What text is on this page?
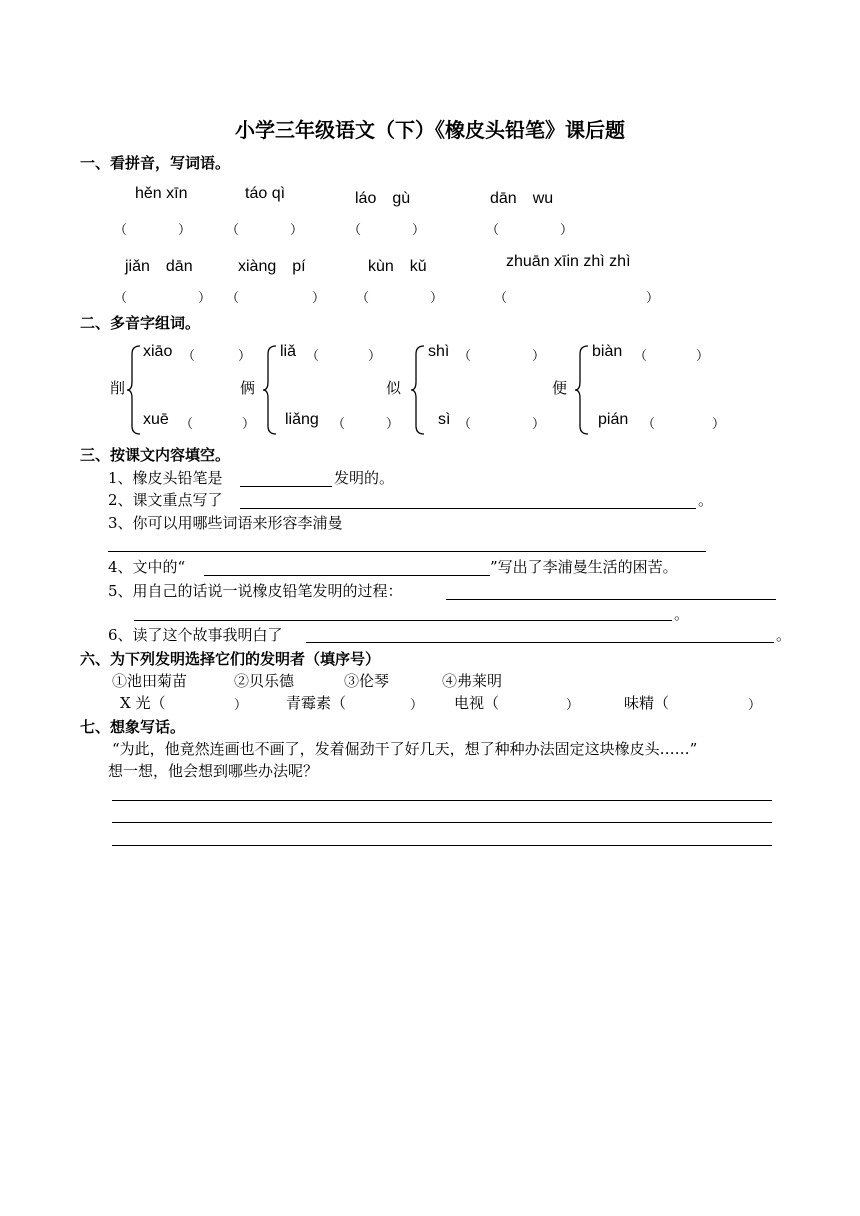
小学三年级语文（下）《橡皮头铅笔》课后题
一、看拼音，写词语。
hěn xīn	táo qì	láo　gù	dān　wu
（	）	（	）	（	）	（	）
jiǎn　dān	xiàng　pí	kùn　kǔ	zhuān xīin zhì zhì
（	） （	） （	）	（	）
二、多音字组词。
削
xiāo （	）
xuē （	）
俩
liǎ （	）
liǎng （	）
似
shì （	）
sì （	）
便
biàn （	）
pián （	）
三、按课文内容填空。
1、橡皮头铅笔是	发明的。
2、课文重点写了	。
3、你可以用哪些词语来形容李浦曼
4、文中的“	”写出了李浦曼生活的困苦。
5、用自己的话说一说橡皮铅笔发明的过程：
。
6、读了这个故事我明白了	。
六、为下列发明选择它们的发明者（填序号）
①池田菊苗	②贝乐德	③伦琴	④弗莱明
X 光（	）	青霉素（	） 电视（	）	味精（	）
七、想象写话。
“为此，他竟然连画也不画了，发着倔劲干了好几天，想了种种办法固定这块橡皮头……”
想一想，他会想到哪些办法呢？
